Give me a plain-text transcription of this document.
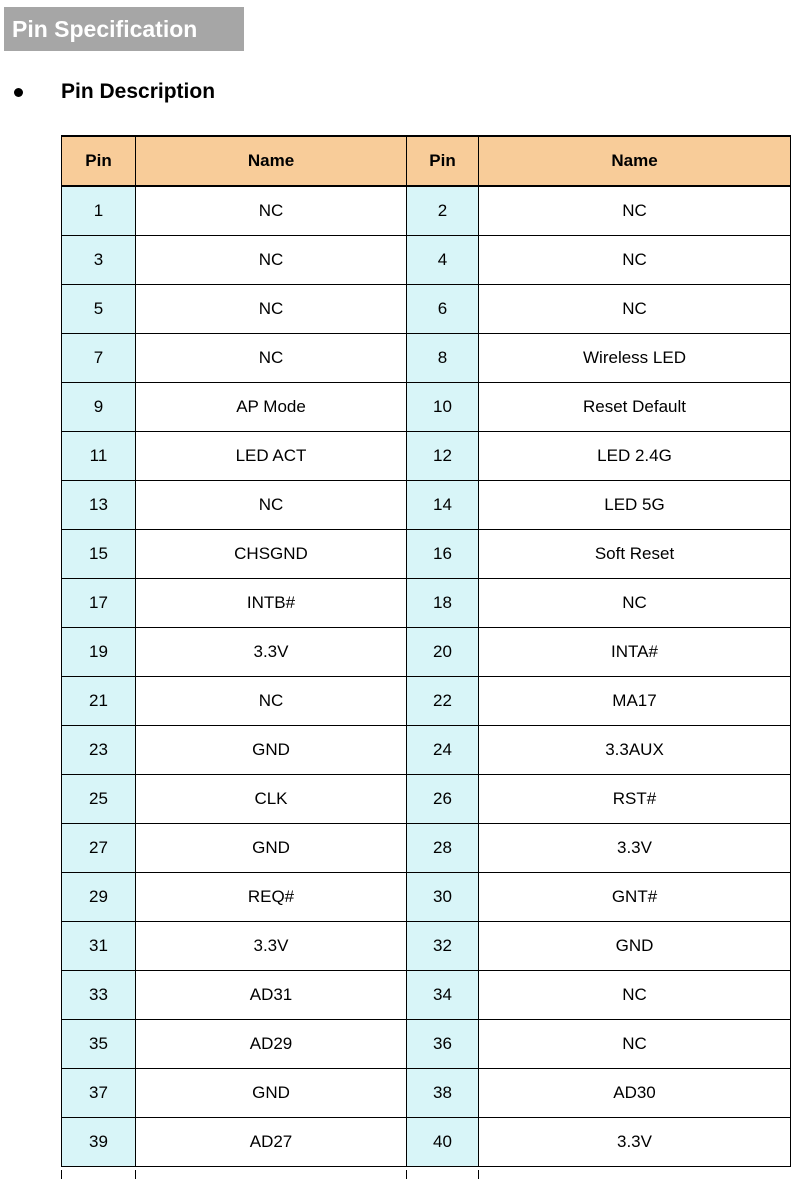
Pin Specification
Pin Description
Pin	Name	Pin	Name
1	NC	2	NC
3	NC	4	NC
5	NC	6	NC
7	NC	8	Wireless LED
9	AP Mode	10	Reset Default
11	LED ACT	12	LED 2.4G
13	NC	14	LED 5G
15	CHSGND	16	Soft Reset
17	INTB#	18	NC
19	3.3V	20	INTA#
21	NC	22	MA17
23	GND	24	3.3AUX
25	CLK	26	RST#
27	GND	28	3.3V
29	REQ#	30	GNT#
31	3.3V	32	GND
33	AD31	34	NC
35	AD29	36	NC
37	GND	38	AD30
39	AD27	40	3.3V
